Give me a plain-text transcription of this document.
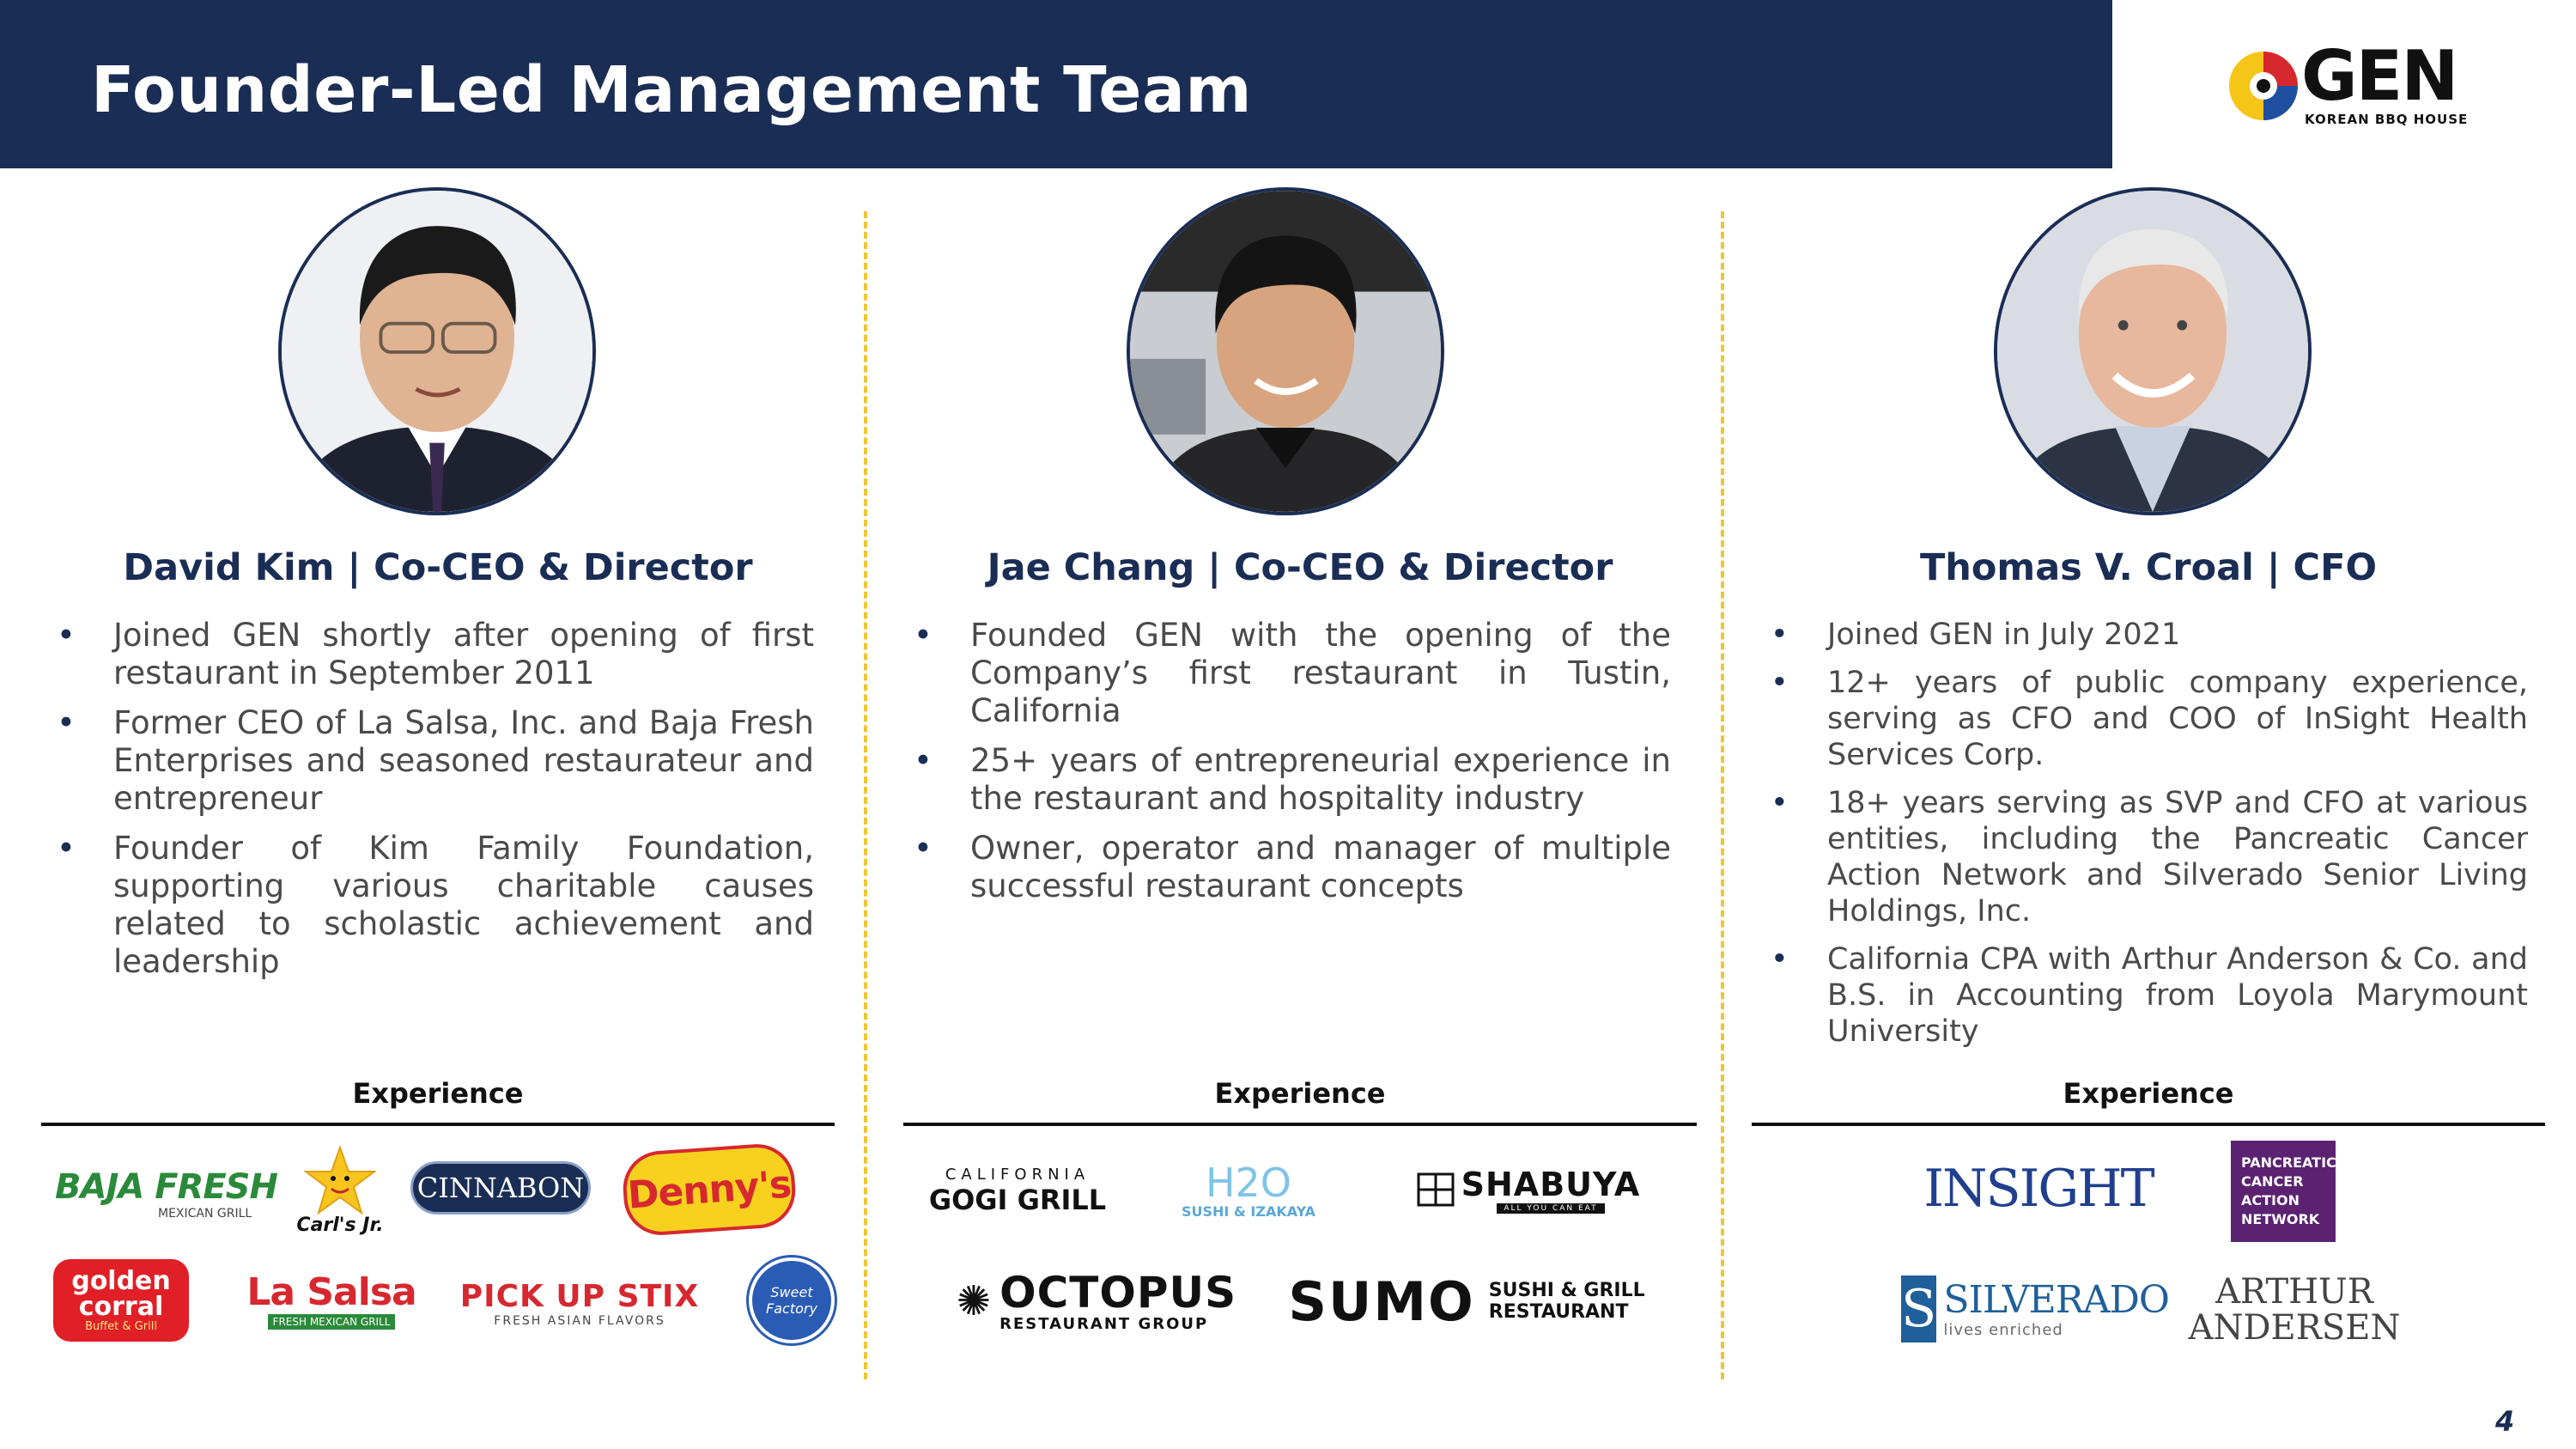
Founder-Led Management Team	GEN
KOREAN BBQ HOUSE
David Kim | Co-CEO & Director
• Joined GEN shortly after opening of first restaurant in September 2011
• Former CEO of La Salsa, Inc. and Baja Fresh Enterprises and seasoned restaurateur and entrepreneur
• Founder of Kim Family Foundation, supporting various charitable causes related to scholastic achievement and leadership
Experience
BAJA FRESH
MEXICAN GRILL
Carl's Jr.
CINNABON Denny's
golden
corral
Buffet & Grill
La Salsa
FRESH MEXICAN GRILL
PICK UP STIX
FRESH ASIAN FLAVORS
Sweet
Factory
Jae Chang | Co-CEO & Director
• Founded GEN with the opening of the Company’s first restaurant in Tustin, California
• 25+ years of entrepreneurial experience in the restaurant and hospitality industry
• Owner, operator and manager of multiple successful restaurant concepts
Experience
CALIFORNIA
GOGI GRILL	H2O
SUSHI & IZAKAYA
SHABUYA
ALL YOU CAN EAT
✺ OCTOPUS
RESTAURANT GROUP	SUMO SUSHI & GRILL
RESTAURANT
Thomas V. Croal | CFO
• Joined GEN in July 2021
• 12+ years of public company experience, serving as CFO and COO of InSight Health Services Corp.
• 18+ years serving as SVP and CFO at various entities, including the Pancreatic Cancer Action Network and Silverado Senior Living Holdings, Inc.
• California CPA with Arthur Anderson & Co. and B.S. in Accounting from Loyola Marymount University
Experience
INSIGHT	PANCREATIC
CANCER
ACTION
NETWORK
S SILVERADO
lives enriched
ARTHUR
ANDERSEN
4
